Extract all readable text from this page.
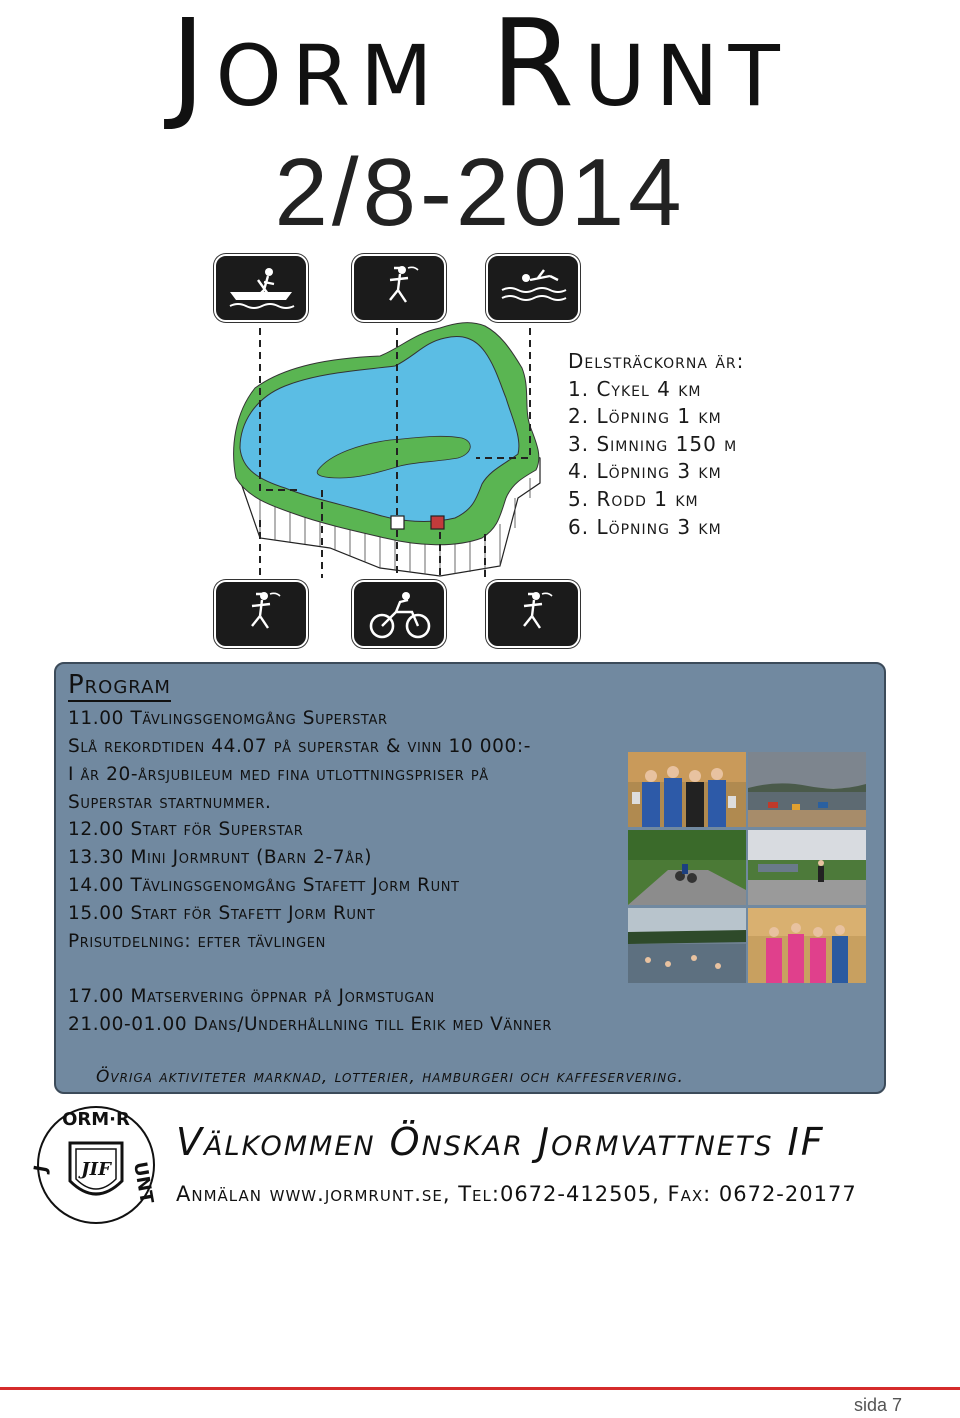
Jorm Runt
2/8-2014
Delsträckorna är:
1. Cykel 4 km
2. Löpning 1 km
3. Simning 150 m
4. Löpning 3 km
5. Rodd 1 km
6. Löpning 3 km
Program
11.00 Tävlingsgenomgång Superstar
Slå rekordtiden 44.07 på superstar & vinn 10 000:-
I år 20-årsjubileum med fina utlottningspriser på
Superstar startnummer.
12.00 Start för Superstar
13.30 Mini Jormrunt (Barn 2-7år)
14.00 Tävlingsgenomgång Stafett Jorm Runt
15.00 Start för Stafett Jorm Runt
Prisutdelning: efter tävlingen
17.00 Matservering öppnar på Jormstugan
21.00-01.00 Dans/Underhållning till Erik med Vänner
Övriga aktiviteter marknad, lotterier, hamburgeri och kaffeservering.
ORM·R
J	UNT
JIF
Välkommen Önskar Jormvattnets IF
Anmälan www.jormrunt.se, Tel:0672-412505, Fax: 0672-20177
sida 7
